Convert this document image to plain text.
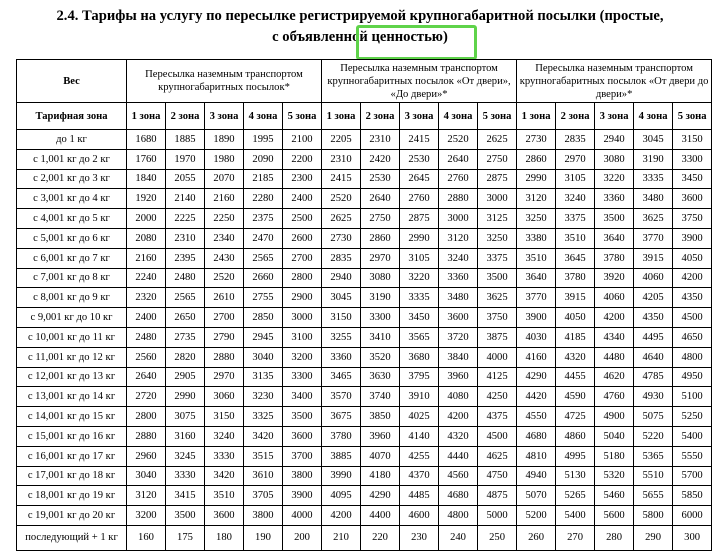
2.4. Тарифы на услугу по пересылке регистрируемой крупногабаритной посылки (простые,
с объявленной ценностью)
Вес	Пересылка наземным транспортом крупногабаритных посылок*					Пересылка наземным транспортом крупногабаритных посылок «От двери», «До двери»*					Пересылка наземным транспортом крупногабаритных посылок «От двери до двери»*				
Тарифная зона	1 зона	2 зона	3 зона	4 зона	5 зона	1 зона	2 зона	3 зона	4 зона	5 зона	1 зона	2 зона	3 зона	4 зона	5 зона
до 1 кг	1680	1885	1890	1995	2100	2205	2310	2415	2520	2625	2730	2835	2940	3045	3150
с 1,001 кг до 2 кг	1760	1970	1980	2090	2200	2310	2420	2530	2640	2750	2860	2970	3080	3190	3300
с 2,001 кг до 3 кг	1840	2055	2070	2185	2300	2415	2530	2645	2760	2875	2990	3105	3220	3335	3450
с 3,001 кг до 4 кг	1920	2140	2160	2280	2400	2520	2640	2760	2880	3000	3120	3240	3360	3480	3600
с 4,001 кг до 5 кг	2000	2225	2250	2375	2500	2625	2750	2875	3000	3125	3250	3375	3500	3625	3750
с 5,001 кг до 6 кг	2080	2310	2340	2470	2600	2730	2860	2990	3120	3250	3380	3510	3640	3770	3900
с 6,001 кг до 7 кг	2160	2395	2430	2565	2700	2835	2970	3105	3240	3375	3510	3645	3780	3915	4050
с 7,001 кг до 8 кг	2240	2480	2520	2660	2800	2940	3080	3220	3360	3500	3640	3780	3920	4060	4200
с 8,001 кг до 9 кг	2320	2565	2610	2755	2900	3045	3190	3335	3480	3625	3770	3915	4060	4205	4350
с 9,001 кг до 10 кг	2400	2650	2700	2850	3000	3150	3300	3450	3600	3750	3900	4050	4200	4350	4500
с 10,001 кг до 11 кг	2480	2735	2790	2945	3100	3255	3410	3565	3720	3875	4030	4185	4340	4495	4650
с 11,001 кг до 12 кг	2560	2820	2880	3040	3200	3360	3520	3680	3840	4000	4160	4320	4480	4640	4800
с 12,001 кг до 13 кг	2640	2905	2970	3135	3300	3465	3630	3795	3960	4125	4290	4455	4620	4785	4950
с 13,001 кг до 14 кг	2720	2990	3060	3230	3400	3570	3740	3910	4080	4250	4420	4590	4760	4930	5100
с 14,001 кг до 15 кг	2800	3075	3150	3325	3500	3675	3850	4025	4200	4375	4550	4725	4900	5075	5250
с 15,001 кг до 16 кг	2880	3160	3240	3420	3600	3780	3960	4140	4320	4500	4680	4860	5040	5220	5400
с 16,001 кг до 17 кг	2960	3245	3330	3515	3700	3885	4070	4255	4440	4625	4810	4995	5180	5365	5550
с 17,001 кг до 18 кг	3040	3330	3420	3610	3800	3990	4180	4370	4560	4750	4940	5130	5320	5510	5700
с 18,001 кг до 19 кг	3120	3415	3510	3705	3900	4095	4290	4485	4680	4875	5070	5265	5460	5655	5850
с 19,001 кг до 20 кг	3200	3500	3600	3800	4000	4200	4400	4600	4800	5000	5200	5400	5600	5800	6000
последующий + 1 кг	160	175	180	190	200	210	220	230	240	250	260	270	280	290	300
